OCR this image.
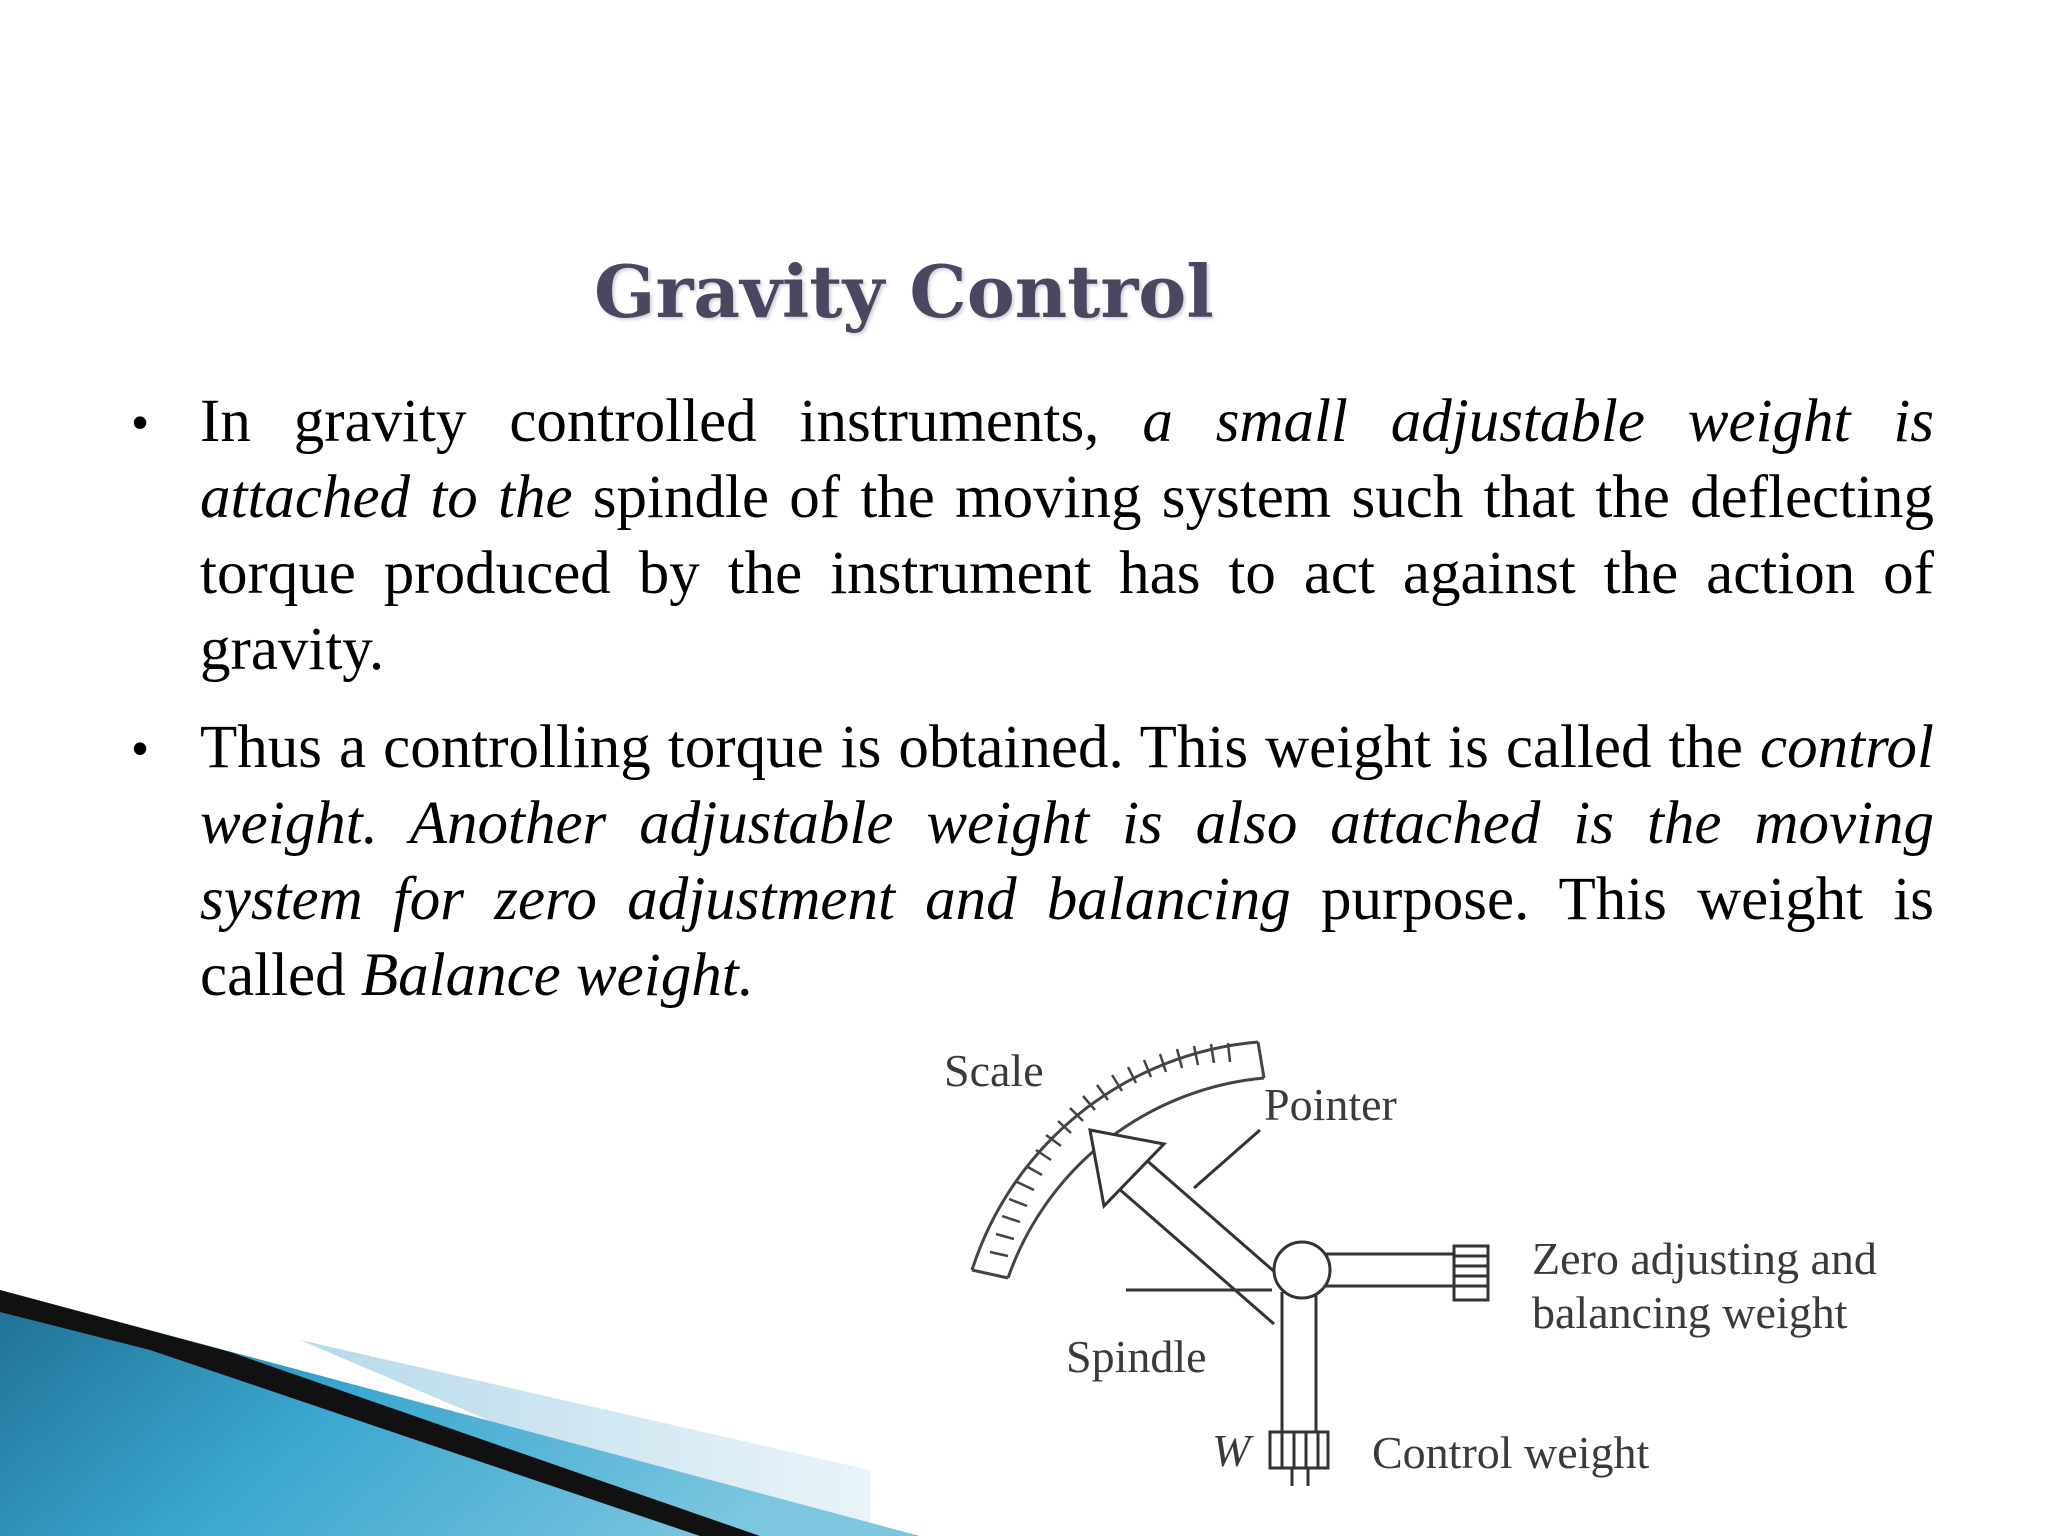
Gravity Control
• In gravity controlled instruments, a small adjustable weight is attached to the spindle of the moving system such that the deflecting torque produced by the instrument has to act against the action of gravity.
• Thus a controlling torque is obtained. This weight is called the control weight. Another adjustable weight is also attached is the moving system for zero adjustment and balancing purpose. This weight is called Balance weight.
Scale
Pointer
Zero adjusting and
balancing weight
Spindle
W	Control weight
